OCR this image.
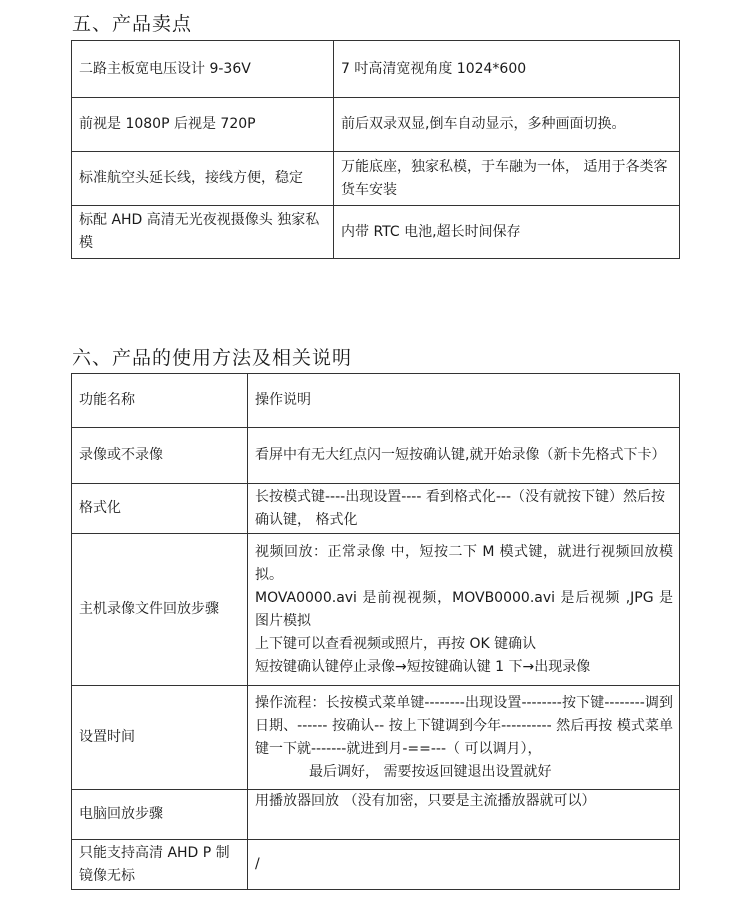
五、产品卖点
二路主板宽电压设计 9-36V	7 吋高清宽视角度 1024*600
前视是 1080P 后视是 720P	前后双录双显,倒车自动显示，多种画面切换。
标准航空头延长线，接线方便，稳定	万能底座，独家私模，于车融为一体， 适用于各类客货车安装
标配 AHD 高清无光夜视摄像头 独家私模	内带 RTC 电池,超长时间保存
六、产品的使用方法及相关说明
功能名称	操作说明
录像或不录像	看屏中有无大红点闪一短按确认键,就开始录像（新卡先格式下卡）
格式化	长按模式键----出现设置---- 看到格式化---（没有就按下键）然后按确认键， 格式化
主机录像文件回放步骤	视频回放：正常录像 中，短按二下 M 模式键，就进行视频回放模拟。
MOVA0000.avi 是前视视频，MOVB0000.avi 是后视频 ,JPG 是图片模拟
上下键可以查看视频或照片，再按 OK 键确认
短按键确认键停止录像→短按键确认键 1 下→出现录像

设置时间	操作流程：长按模式菜单键--------出现设置--------按下键--------调到日期、------ 按确认-- 按上下键调到今年---------- 然后再按 模式菜单键一下就-------就进到月-==---（ 可以调月），
最后调好， 需要按返回键退出设置就好

电脑回放步骤	用播放器回放 （没有加密，只要是主流播放器就可以）
只能支持高清 AHD P 制镜像无标	/
